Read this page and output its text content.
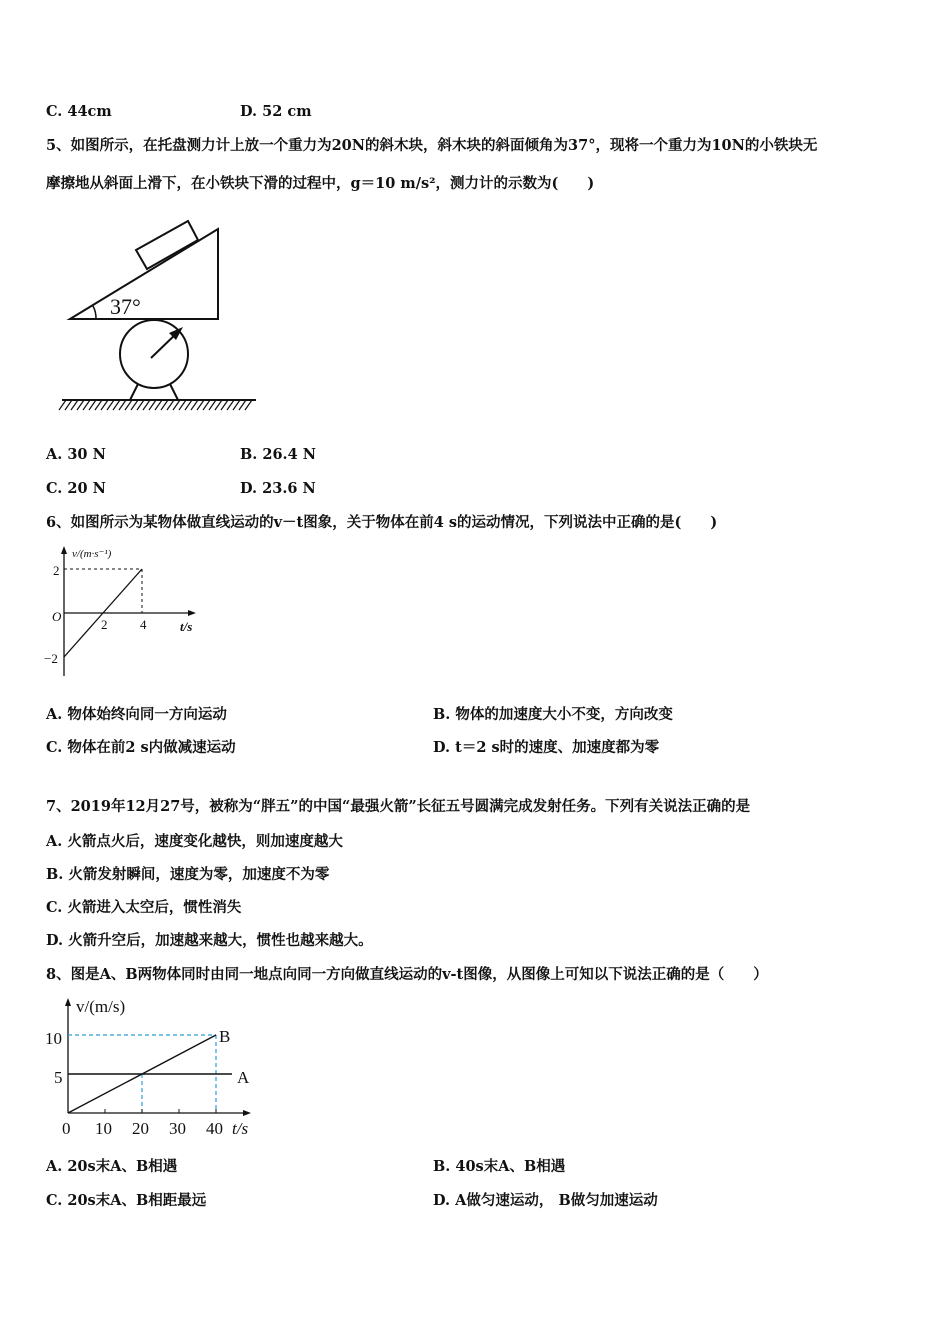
C. 44cm	D. 52 cm
5、如图所示，在托盘测力计上放一个重力为20N的斜木块，斜木块的斜面倾角为37°，现将一个重力为10N的小铁块无
摩擦地从斜面上滑下，在小铁块下滑的过程中，g＝10 m/s²，测力计的示数为(　　)
37°
A. 30 N	B. 26.4 N
C. 20 N	D. 23.6 N
6、如图所示为某物体做直线运动的v－t图象，关于物体在前4 s的运动情况，下列说法中正确的是(　　)
v/(m·s⁻¹)
O
t/s
2
−2
2	4
A. 物体始终向同一方向运动	B. 物体的加速度大小不变，方向改变
C. 物体在前2 s内做减速运动	D. t＝2 s时的速度、加速度都为零
7、2019年12月27号，被称为“胖五”的中国“最强火箭”长征五号圆满完成发射任务。下列有关说法正确的是
A. 火箭点火后，速度变化越快，则加速度越大
B. 火箭发射瞬间，速度为零，加速度不为零
C. 火箭进入太空后，惯性消失
D. 火箭升空后，加速越来越大，惯性也越来越大。
8、图是A、B两物体同时由同一地点向同一方向做直线运动的v-t图像，从图像上可知以下说法正确的是（　　）
v/(m/s)
t/s
10
5
0 10 20 30 40
B
A
A. 20s末A、B相遇	B. 40s末A、B相遇
C. 20s末A、B相距最远	D. A做匀速运动， B做匀加速运动
